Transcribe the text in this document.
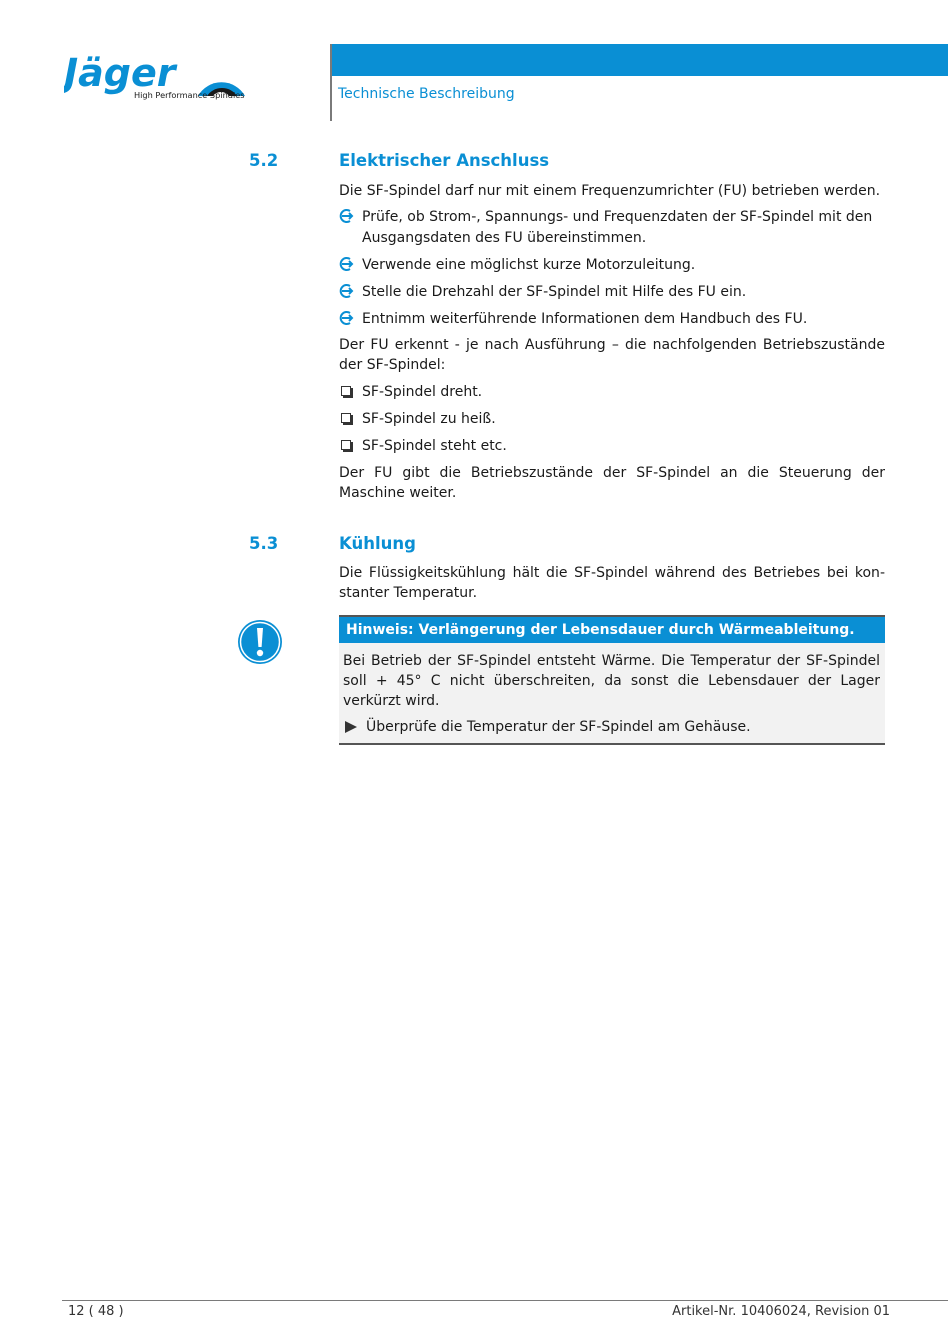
Jäger
High Performance Spindles	Technische Beschreibung
5.2	Elektrischer Anschluss
Die SF-Spindel darf nur mit einem Frequenzumrichter (FU) betrieben werden.
Prüfe, ob Strom-, Spannungs- und Frequenzdaten der SF-Spindel mit den Ausgangsdaten des FU übereinstimmen.
Verwende eine möglichst kurze Motorzuleitung.
Stelle die Drehzahl der SF-Spindel mit Hilfe des FU ein.
Entnimm weiterführende Informationen dem Handbuch des FU.
Der FU erkennt - je nach Ausführung – die nachfolgenden Betriebszustände der SF-Spindel:
SF-Spindel dreht.
SF-Spindel zu heiß.
SF-Spindel steht etc.
Der FU gibt die Betriebszustände der SF-Spindel an die Steuerung der Maschine weiter.
5.3	Kühlung
Die Flüssigkeitskühlung hält die SF-Spindel während des Betriebes bei konstanter Temperatur.
Hinweis: Verlängerung der Lebensdauer durch Wärmeableitung.
Bei Betrieb der SF-Spindel entsteht Wärme. Die Temperatur der SF-Spindel soll + 45° C nicht überschreiten, da sonst die Lebensdauer der Lager verkürzt wird.
Überprüfe die Temperatur der SF-Spindel am Gehäuse.
12 ( 48 )	Artikel-Nr. 10406024, Revision 01
